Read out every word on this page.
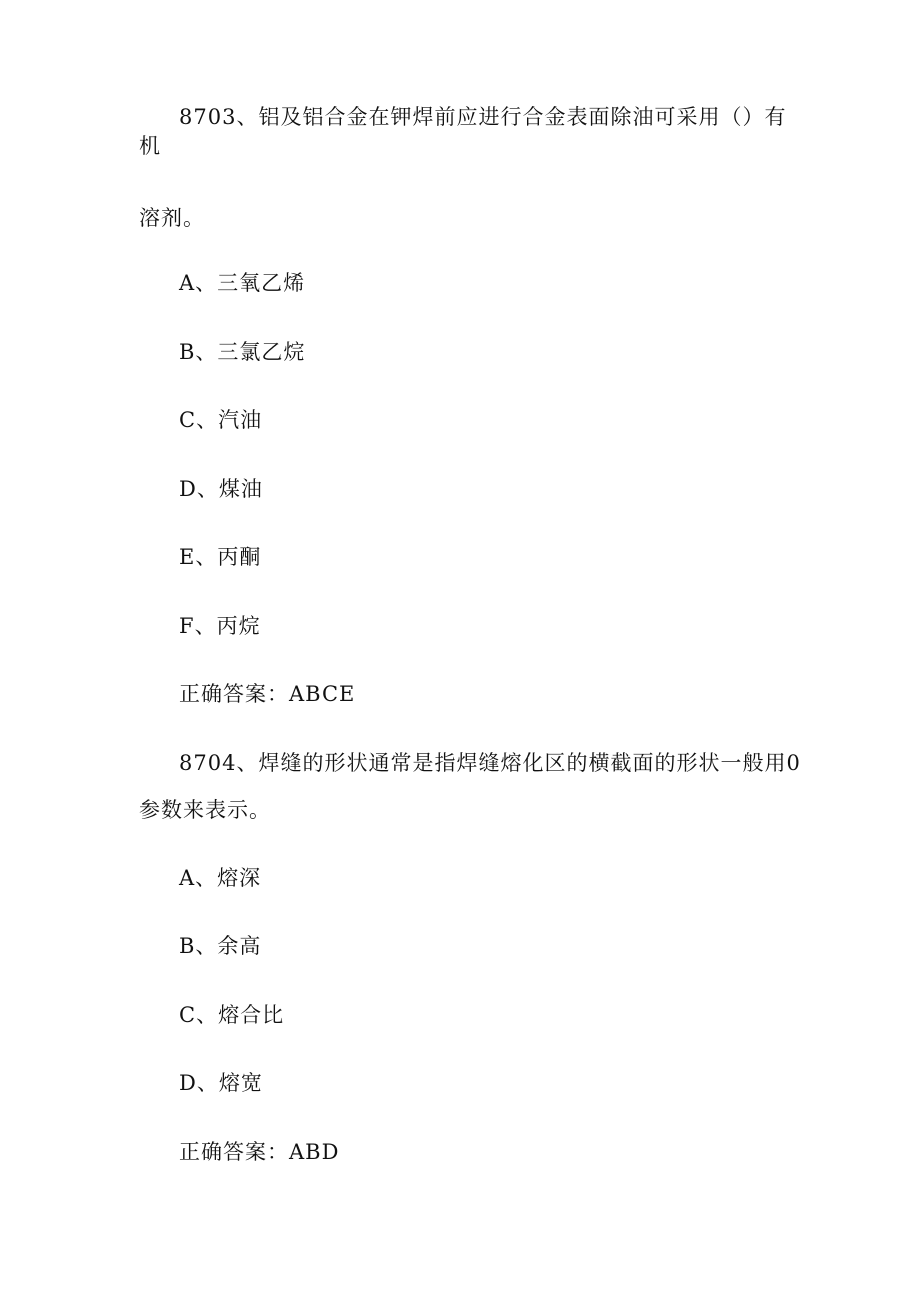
8703、铝及铝合金在钾焊前应进行合金表面除油可采用（）有
机
溶剂。
A、三氧乙烯
B、三氯乙烷
C、汽油
D、煤油
E、丙酮
F、丙烷
正确答案：ABCE
8704、焊缝的形状通常是指焊缝熔化区的横截面的形状一般用0
参数来表示。
A、熔深
B、余高
C、熔合比
D、熔宽
正确答案：ABD
